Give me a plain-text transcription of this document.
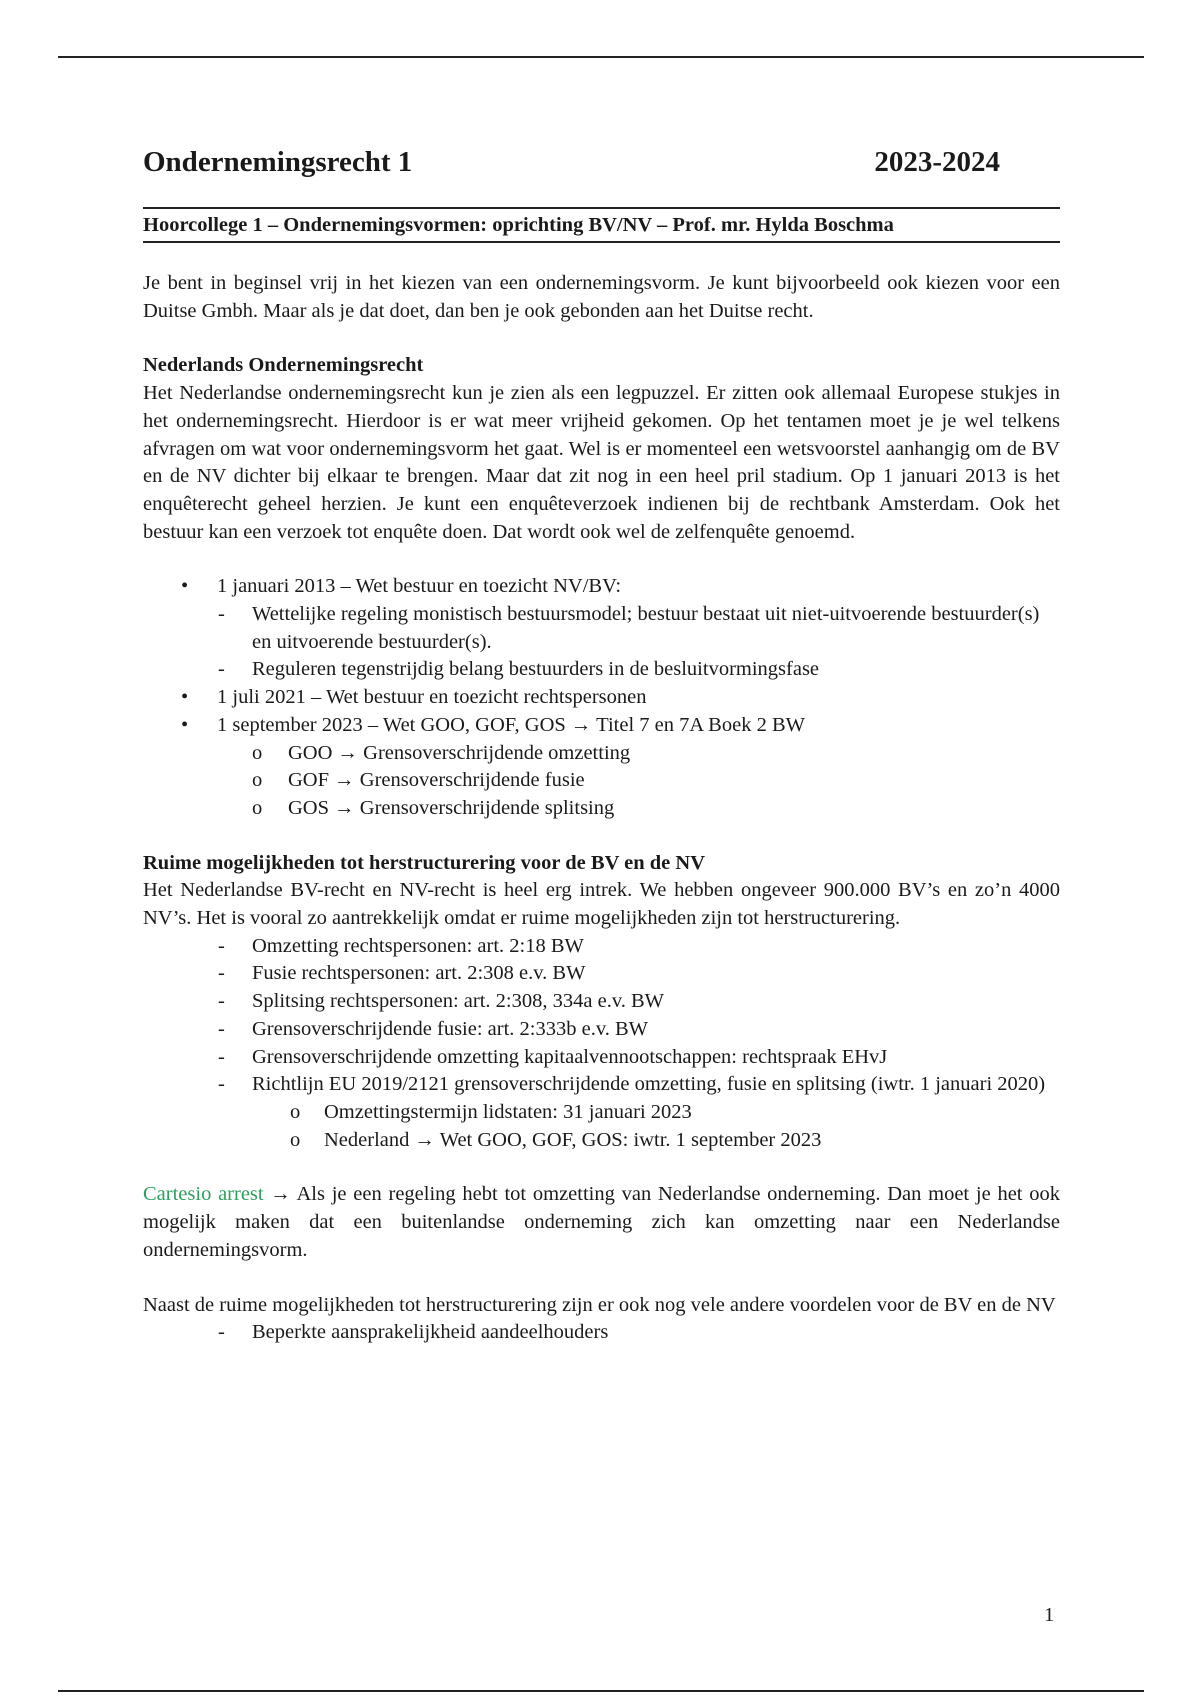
Ondernemingsrecht 1	2023-2024
Hoorcollege 1 – Ondernemingsvormen: oprichting BV/NV – Prof. mr. Hylda Boschma

Je bent in beginsel vrij in het kiezen van een ondernemingsvorm. Je kunt bijvoorbeeld ook kiezen voor een Duitse Gmbh. Maar als je dat doet, dan ben je ook gebonden aan het Duitse recht.

Nederlands Ondernemingsrecht

Het Nederlandse ondernemingsrecht kun je zien als een legpuzzel. Er zitten ook allemaal Europese stukjes in het ondernemingsrecht. Hierdoor is er wat meer vrijheid gekomen. Op het tentamen moet je je wel telkens afvragen om wat voor ondernemingsvorm het gaat. Wel is er momenteel een wetsvoorstel aanhangig om de BV en de NV dichter bij elkaar te brengen. Maar dat zit nog in een heel pril stadium. Op 1 januari 2013 is het enquêterecht geheel herzien. Je kunt een enquêteverzoek indienen bij de rechtbank Amsterdam. Ook het bestuur kan een verzoek tot enquête doen. Dat wordt ook wel de zelfenquête genoemd.

• 1 januari 2013 – Wet bestuur en toezicht NV/BV:
- Wettelijke regeling monistisch bestuursmodel; bestuur bestaat uit niet-uitvoerende bestuurder(s) en uitvoerende bestuurder(s).
- Reguleren tegenstrijdig belang bestuurders in de besluitvormingsfase
• 1 juli 2021 – Wet bestuur en toezicht rechtspersonen
• 1 september 2023 – Wet GOO, GOF, GOS → Titel 7 en 7A Boek 2 BW
o GOO → Grensoverschrijdende omzetting
o GOF → Grensoverschrijdende fusie
o GOS → Grensoverschrijdende splitsing
Ruime mogelijkheden tot herstructurering voor de BV en de NV

Het Nederlandse BV-recht en NV-recht is heel erg intrek. We hebben ongeveer 900.000 BV’s en zo’n 4000 NV’s. Het is vooral zo aantrekkelijk omdat er ruime mogelijkheden zijn tot herstructurering.

- Omzetting rechtspersonen: art. 2:18 BW
- Fusie rechtspersonen: art. 2:308 e.v. BW
- Splitsing rechtspersonen: art. 2:308, 334a e.v. BW
- Grensoverschrijdende fusie: art. 2:333b e.v. BW
- Grensoverschrijdende omzetting kapitaalvennootschappen: rechtspraak EHvJ
- Richtlijn EU 2019/2121 grensoverschrijdende omzetting, fusie en splitsing (iwtr. 1 januari 2020)
o Omzettingstermijn lidstaten: 31 januari 2023
o Nederland → Wet GOO, GOF, GOS: iwtr. 1 september 2023

Cartesio arrest → Als je een regeling hebt tot omzetting van Nederlandse onderneming. Dan moet je het ook mogelijk maken dat een buitenlandse onderneming zich kan omzetting naar een Nederlandse ondernemingsvorm.

Naast de ruime mogelijkheden tot herstructurering zijn er ook nog vele andere voordelen voor de BV en de NV

- Beperkte aansprakelijkheid aandeelhouders
1
